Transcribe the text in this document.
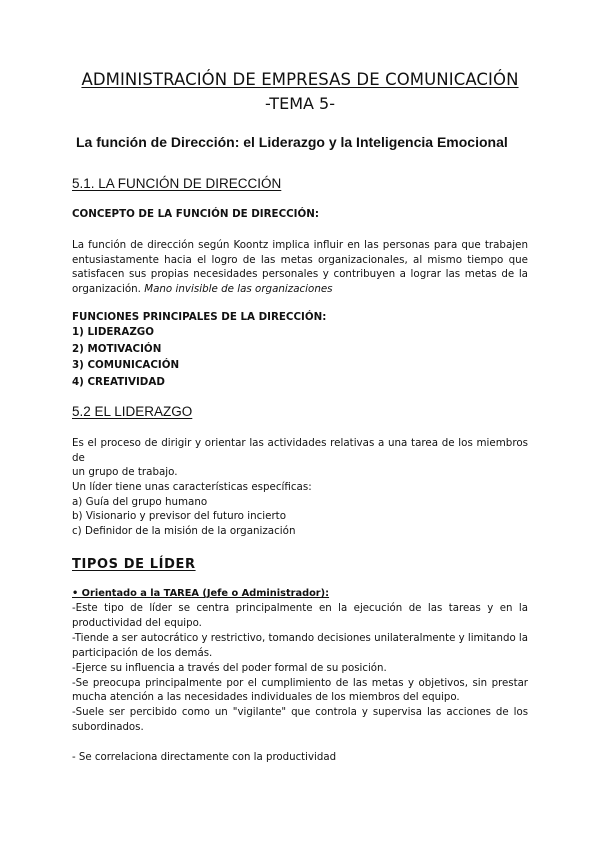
ADMINISTRACIÓN DE EMPRESAS DE COMUNICACIÓN
-TEMA 5-
La función de Dirección: el Liderazgo y la Inteligencia Emocional
5.1. LA FUNCIÓN DE DIRECCIÓN
CONCEPTO DE LA FUNCIÓN DE DIRECCIÓN:
La función de dirección según Koontz implica influir en las personas para que trabajen
entusiastamente hacia el logro de las metas organizacionales, al mismo tiempo que
satisfacen sus propias necesidades personales y contribuyen a lograr las metas de la
organización. Mano invisible de las organizaciones
FUNCIONES PRINCIPALES DE LA DIRECCIÓN:
1) LIDERAZGO
2) MOTIVACIÓN
3) COMUNICACIÓN
4) CREATIVIDAD
5.2 EL LIDERAZGO
Es el proceso de dirigir y orientar las actividades relativas a una tarea de los miembros de
un grupo de trabajo.
Un líder tiene unas características específicas:
a) Guía del grupo humano
b) Visionario y previsor del futuro incierto
c) Definidor de la misión de la organización
TIPOS DE LÍDER
• Orientado a la TAREA (Jefe o Administrador):
-Este tipo de líder se centra principalmente en la ejecución de las tareas y en la
productividad del equipo.
-Tiende a ser autocrático y restrictivo, tomando decisiones unilateralmente y limitando la
participación de los demás.
-Ejerce su influencia a través del poder formal de su posición.
-Se preocupa principalmente por el cumplimiento de las metas y objetivos, sin prestar
mucha atención a las necesidades individuales de los miembros del equipo.
-Suele ser percibido como un "vigilante" que controla y supervisa las acciones de los
subordinados.
- Se correlaciona directamente con la productividad
